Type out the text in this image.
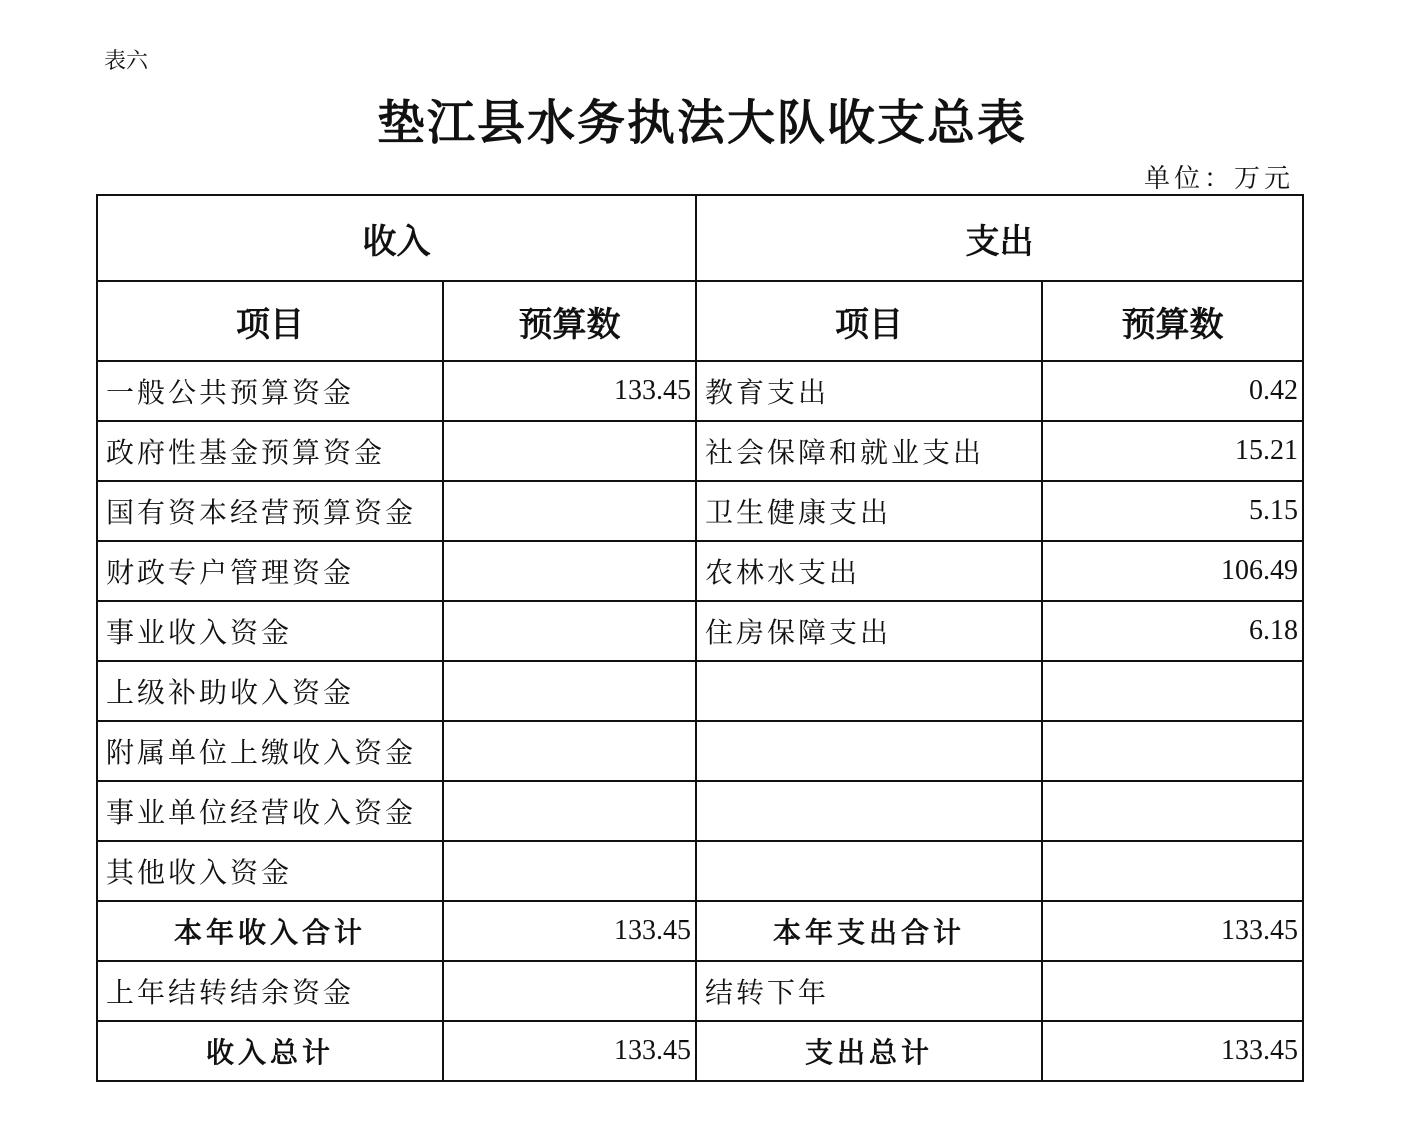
表六
垫江县水务执法大队收支总表
单位：万元
收入		支出	
项目	预算数	项目	预算数
一般公共预算资金	133.45	教育支出	0.42
政府性基金预算资金		社会保障和就业支出	15.21
国有资本经营预算资金		卫生健康支出	5.15
财政专户管理资金		农林水支出	106.49
事业收入资金		住房保障支出	6.18
上级补助收入资金			
附属单位上缴收入资金			
事业单位经营收入资金			
其他收入资金			
本年收入合计	133.45	本年支出合计	133.45
上年结转结余资金		结转下年	
收入总计	133.45	支出总计	133.45
